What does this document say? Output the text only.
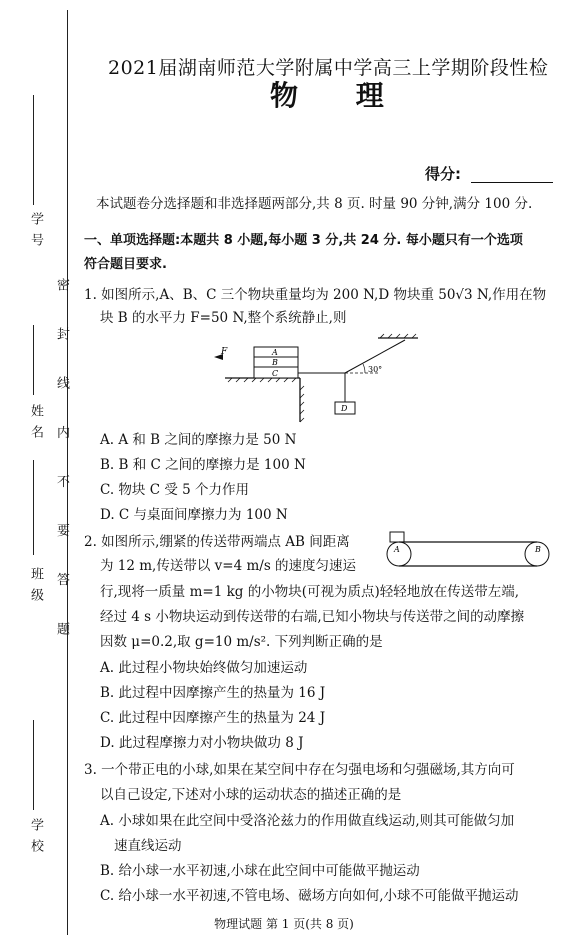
学 号
姓 名
班 级
学 校
密 封 线 内 不 要 答 题
2021届湖南师范大学附属中学高三上学期阶段性检
物 理
得分:
本试题卷分选择题和非选择题两部分,共 8 页. 时量 90 分钟,满分 100 分.
一、单项选择题:本题共 8 小题,每小题 3 分,共 24 分. 每小题只有一个选项
符合题目要求.
1. 如图所示,A、B、C 三个物块重量均为 200 N,D 物块重 50√3 N,作用在物
块 B 的水平力 F=50 N,整个系统静止,则
A
B
C
F
30°
D
A. A 和 B 之间的摩擦力是 50 N
B. B 和 C 之间的摩擦力是 100 N
C. 物块 C 受 5 个力作用
D. C 与桌面间摩擦力为 100 N
2. 如图所示,绷紧的传送带两端点 AB 间距离
为 12 m,传送带以 v=4 m/s 的速度匀速运
A	B
行,现将一质量 m=1 kg 的小物块(可视为质点)轻轻地放在传送带左端,
经过 4 s 小物块运动到传送带的右端,已知小物块与传送带之间的动摩擦
因数 μ=0.2,取 g=10 m/s². 下列判断正确的是
A. 此过程小物块始终做匀加速运动
B. 此过程中因摩擦产生的热量为 16 J
C. 此过程中因摩擦产生的热量为 24 J
D. 此过程摩擦力对小物块做功 8 J
3. 一个带正电的小球,如果在某空间中存在匀强电场和匀强磁场,其方向可
以自己设定,下述对小球的运动状态的描述正确的是
A. 小球如果在此空间中受洛沦兹力的作用做直线运动,则其可能做匀加
速直线运动
B. 给小球一水平初速,小球在此空间中可能做平抛运动
C. 给小球一水平初速,不管电场、磁场方向如何,小球不可能做平抛运动
物理试题 第 1 页(共 8 页)
